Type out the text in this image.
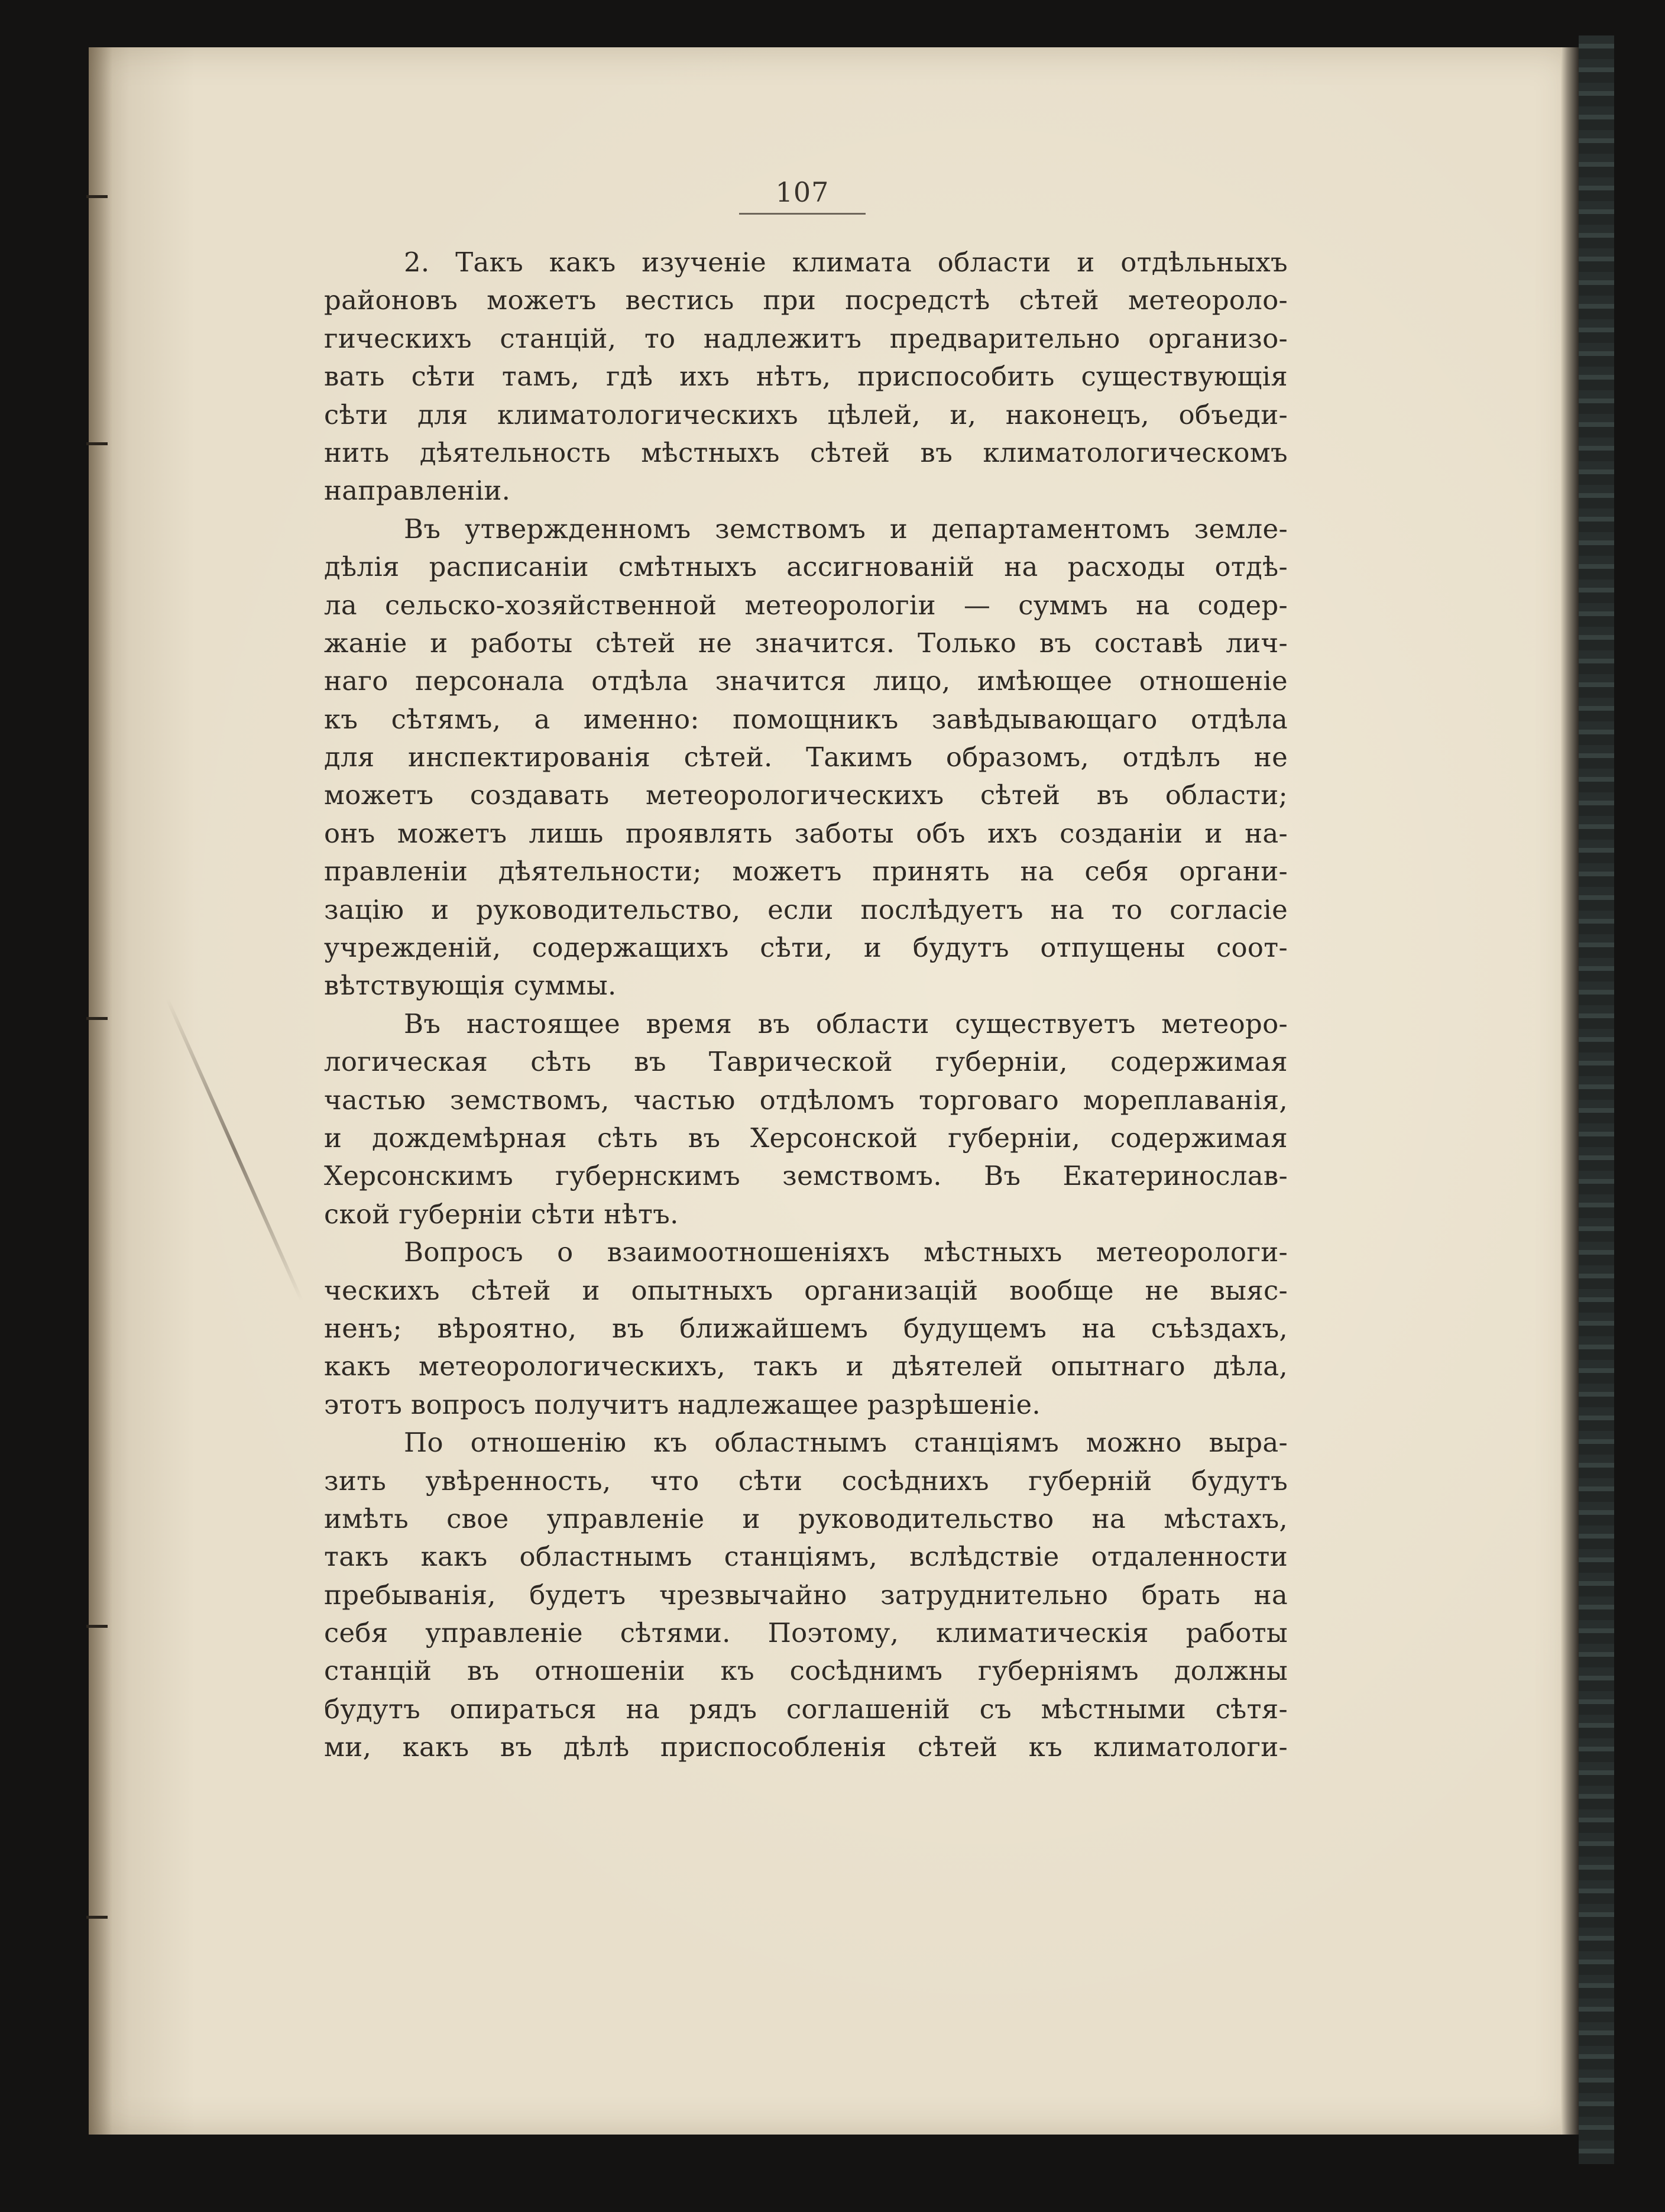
107
2. Такъ какъ изученіе климата области и отдѣльныхъ
районовъ можетъ вестись при посредстѣ сѣтей метеороло-
гическихъ станцій, то надлежитъ предварительно организо-
вать сѣти тамъ, гдѣ ихъ нѣтъ, приспособить существующія
сѣти для климатологическихъ цѣлей, и, наконецъ, объеди-
нить дѣятельность мѣстныхъ сѣтей въ климатологическомъ
направленіи.
Въ утвержденномъ земствомъ и департаментомъ земле-
дѣлія расписаніи смѣтныхъ ассигнованій на расходы отдѣ-
ла сельско-хозяйственной метеорологіи — суммъ на содер-
жаніе и работы сѣтей не значится. Только въ составѣ лич-
наго персонала отдѣла значится лицо, имѣющее отношеніе
къ сѣтямъ, а именно: помощникъ завѣдывающаго отдѣла
для инспектированія сѣтей. Такимъ образомъ, отдѣлъ не
можетъ создавать метеорологическихъ сѣтей въ области;
онъ можетъ лишь проявлять заботы объ ихъ созданіи и на-
правленіи дѣятельности; можетъ принять на себя органи-
зацію и руководительство, если послѣдуетъ на то согласіе
учрежденій, содержащихъ сѣти, и будутъ отпущены соот-
вѣтствующія суммы.
Въ настоящее время въ области существуетъ метеоро-
логическая сѣть въ Таврической губерніи, содержимая
частью земствомъ, частью отдѣломъ торговаго мореплаванія,
и дождемѣрная сѣть въ Херсонской губерніи, содержимая
Херсонскимъ губернскимъ земствомъ. Въ Екатеринослав-
ской губерніи сѣти нѣтъ.
Вопросъ о взаимоотношеніяхъ мѣстныхъ метеорологи-
ческихъ сѣтей и опытныхъ организацій вообще не выяс-
ненъ; вѣроятно, въ ближайшемъ будущемъ на съѣздахъ,
какъ метеорологическихъ, такъ и дѣятелей опытнаго дѣла,
этотъ вопросъ получитъ надлежащее разрѣшеніе.
По отношенію къ областнымъ станціямъ можно выра-
зить увѣренность, что сѣти сосѣднихъ губерній будутъ
имѣть свое управленіе и руководительство на мѣстахъ,
такъ какъ областнымъ станціямъ, вслѣдствіе отдаленности
пребыванія, будетъ чрезвычайно затруднительно брать на
себя управленіе сѣтями. Поэтому, климатическія работы
станцій въ отношеніи къ сосѣднимъ губерніямъ должны
будутъ опираться на рядъ соглашеній съ мѣстными сѣтя-
ми, какъ въ дѣлѣ приспособленія сѣтей къ климатологи-
